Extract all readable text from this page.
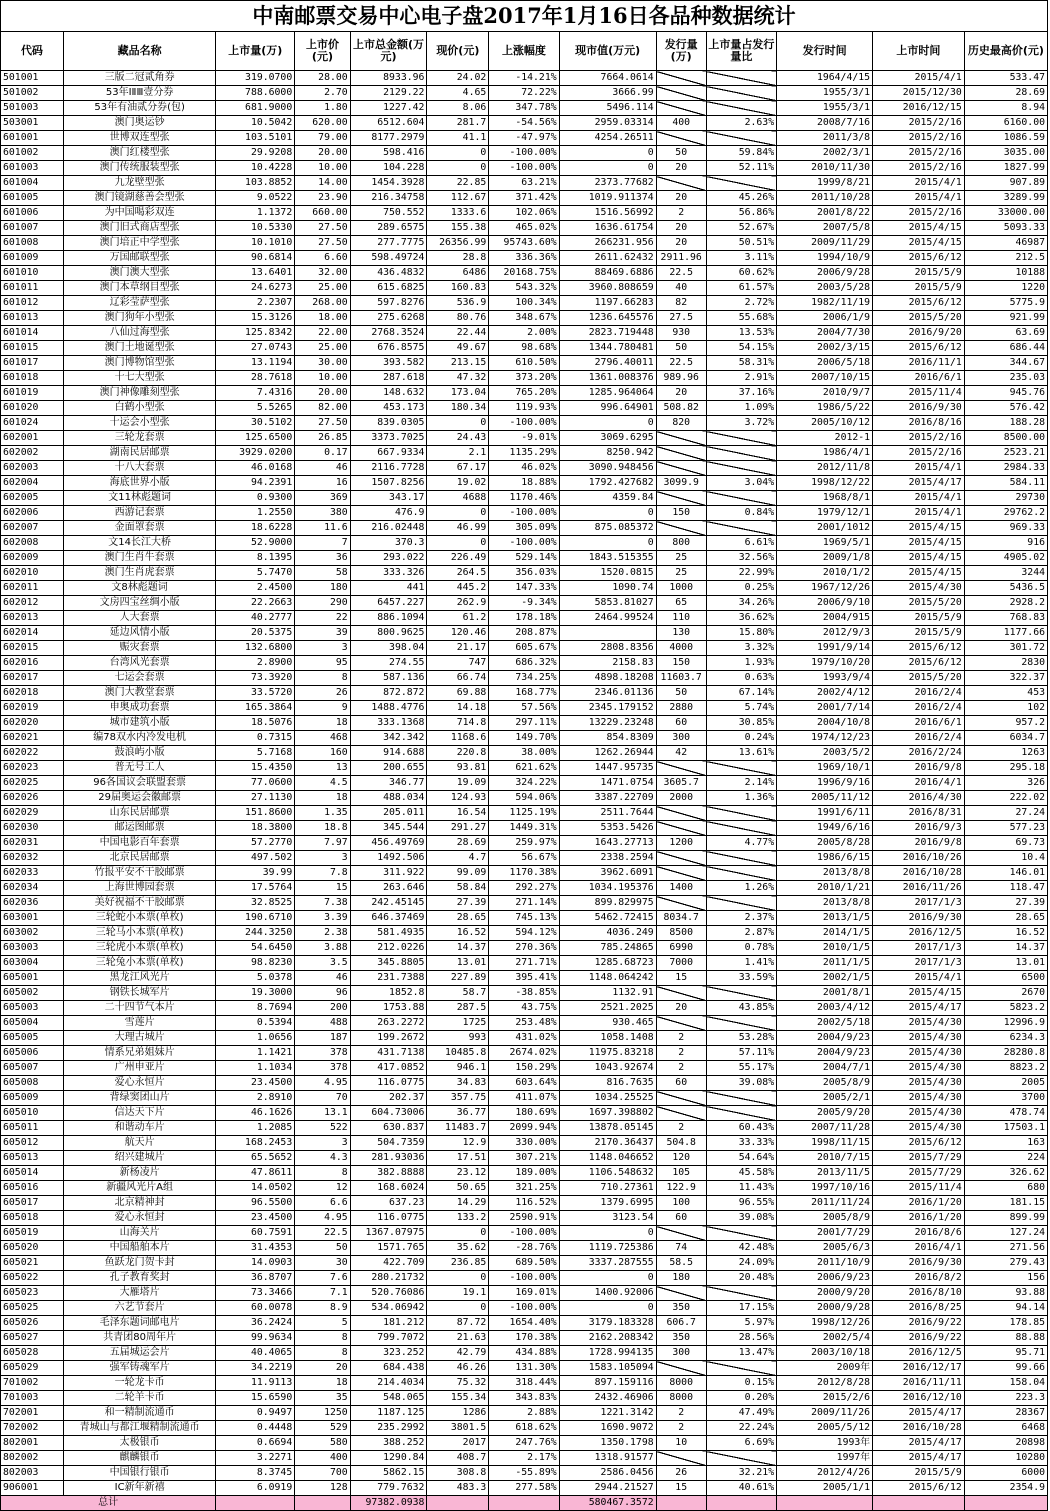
中南邮票交易中心电子盘2017年1月16日各品种数据统计
代码	藏品名称	上市量(万)	上市价(元)	上市总金额(万元)	现价(元)	上涨幅度	现市值(万元)	发行量(万)	上市量占发行量比	发行时间	上市时间	历史最高价(元)
501001	三版二冠贰角券	319.0700	28.00	8933.96	24.02	-14.21%	7664.0614			1964/4/15	2015/4/1	533.47
501002	53年ⅠⅡⅢ壹分券	788.6000	2.70	2129.22	4.65	72.22%	3666.99			1955/3/1	2015/12/30	28.69
501003	53年有油贰分券(包)	681.9000	1.80	1227.42	8.06	347.78%	5496.114			1955/3/1	2016/12/15	8.94
503001	澳门奥运钞	10.5042	620.00	6512.604	281.7	-54.56%	2959.03314	400	2.63%	2008/7/16	2015/2/16	6160.00
601001	世博双连型张	103.5101	79.00	8177.2979	41.1	-47.97%	4254.26511			2011/3/8	2015/2/16	1086.59
601002	澳门红楼型张	29.9208	20.00	598.416	0	-100.00%	0	50	59.84%	2002/3/1	2015/2/16	3035.00
601003	澳门传统服装型张	10.4228	10.00	104.228	0	-100.00%	0	20	52.11%	2010/11/30	2015/2/16	1827.99
601004	九龙壁型张	103.8852	14.00	1454.3928	22.85	63.21%	2373.77682			1999/8/21	2015/4/1	907.89
601005	澳门镜湖慈善会型张	9.0522	23.90	216.34758	112.67	371.42%	1019.911374	20	45.26%	2011/10/28	2015/4/1	3289.99
601006	为中国喝彩双连	1.1372	660.00	750.552	1333.6	102.06%	1516.56992	2	56.86%	2001/8/22	2015/2/16	33000.00
601007	澳门旧式商店型张	10.5330	27.50	289.6575	155.38	465.02%	1636.61754	20	52.67%	2007/5/8	2015/4/15	5093.33
601008	澳门培正中学型张	10.1010	27.50	277.7775	26356.99	95743.60%	266231.956	20	50.51%	2009/11/29	2015/4/15	46987
601009	万国邮联型张	90.6814	6.60	598.49724	28.8	336.36%	2611.62432	2911.96	3.11%	1994/10/9	2015/6/12	212.5
601010	澳门澳大型张	13.6401	32.00	436.4832	6486	20168.75%	88469.6886	22.5	60.62%	2006/9/28	2015/5/9	10188
601011	澳门本草纲目型张	24.6273	25.00	615.6825	160.83	543.32%	3960.808659	40	61.57%	2003/5/28	2015/5/9	1220
601012	辽彩莹萨型张	2.2307	268.00	597.8276	536.9	100.34%	1197.66283	82	2.72%	1982/11/19	2015/6/12	5775.9
601013	澳门狗年小型张	15.3126	18.00	275.6268	80.76	348.67%	1236.645576	27.5	55.68%	2006/1/9	2015/5/20	921.99
601014	八仙过海型张	125.8342	22.00	2768.3524	22.44	2.00%	2823.719448	930	13.53%	2004/7/30	2016/9/20	63.69
601015	澳门土地诞型张	27.0743	25.00	676.8575	49.67	98.68%	1344.780481	50	54.15%	2002/3/15	2015/6/12	686.44
601017	澳门博物馆型张	13.1194	30.00	393.582	213.15	610.50%	2796.40011	22.5	58.31%	2006/5/18	2016/11/1	344.67
601018	十七大型张	28.7618	10.00	287.618	47.32	373.20%	1361.008376	989.96	2.91%	2007/10/15	2016/6/1	235.03
601019	澳门神像雕刻型张	7.4316	20.00	148.632	173.04	765.20%	1285.964064	20	37.16%	2010/9/7	2015/11/4	945.76
601020	白鹤小型张	5.5265	82.00	453.173	180.34	119.93%	996.64901	508.82	1.09%	1986/5/22	2016/9/30	576.42
601024	十运会小型张	30.5102	27.50	839.0305	0	-100.00%	0	820	3.72%	2005/10/12	2016/8/16	188.28
602001	三轮龙套票	125.6500	26.85	3373.7025	24.43	-9.01%	3069.6295			2012-1	2015/2/16	8500.00
602002	湖南民居邮票	3929.0200	0.17	667.9334	2.1	1135.29%	8250.942			1986/4/1	2015/2/16	2523.21
602003	十八大套票	46.0168	46	2116.7728	67.17	46.02%	3090.948456			2012/11/8	2015/4/1	2984.33
602004	海底世界小版	94.2391	16	1507.8256	19.02	18.88%	1792.427682	3099.9	3.04%	1998/12/22	2015/4/17	584.11
602005	文11林彪题词	0.9300	369	343.17	4688	1170.46%	4359.84			1968/8/1	2015/4/1	29730
602006	西游记套票	1.2550	380	476.9	0	-100.00%	0	150	0.84%	1979/12/1	2015/4/1	29762.2
602007	金面罩套票	18.6228	11.6	216.02448	46.99	305.09%	875.085372			2001/1012	2015/4/15	969.33
602008	文14长江大桥	52.9000	7	370.3	0	-100.00%	0	800	6.61%	1969/5/1	2015/4/15	916
602009	澳门生肖牛套票	8.1395	36	293.022	226.49	529.14%	1843.515355	25	32.56%	2009/1/8	2015/4/15	4905.02
602010	澳门生肖虎套票	5.7470	58	333.326	264.5	356.03%	1520.0815	25	22.99%	2010/1/2	2015/4/15	3244
602011	文8林彪题词	2.4500	180	441	445.2	147.33%	1090.74	1000	0.25%	1967/12/26	2015/4/30	5436.5
602012	文房四宝丝绸小版	22.2663	290	6457.227	262.9	-9.34%	5853.81027	65	34.26%	2006/9/10	2015/5/20	2928.2
602013	人大套票	40.2777	22	886.1094	61.2	178.18%	2464.99524	110	36.62%	2004/915	2015/5/9	768.83
602014	延边风情小版	20.5375	39	800.9625	120.46	208.87%		130	15.80%	2012/9/3	2015/5/9	1177.66
602015	赈灾套票	132.6800	3	398.04	21.17	605.67%	2808.8356	4000	3.32%	1991/9/14	2015/6/12	301.72
602016	台湾风光套票	2.8900	95	274.55	747	686.32%	2158.83	150	1.93%	1979/10/20	2015/6/12	2830
602017	七运会套票	73.3920	8	587.136	66.74	734.25%	4898.18208	11603.7	0.63%	1993/9/4	2015/5/20	322.37
602018	澳门大教堂套票	33.5720	26	872.872	69.88	168.77%	2346.01136	50	67.14%	2002/4/12	2016/2/4	453
602019	申奥成功套票	165.3864	9	1488.4776	14.18	57.56%	2345.179152	2880	5.74%	2001/7/14	2016/2/4	102
602020	城市建筑小版	18.5076	18	333.1368	714.8	297.11%	13229.23248	60	30.85%	2004/10/8	2016/6/1	957.2
602021	编78双水内冷发电机	0.7315	468	342.342	1168.6	149.70%	854.8309	300	0.24%	1974/12/23	2016/2/4	6034.7
602022	鼓浪屿小版	5.7168	160	914.688	220.8	38.00%	1262.26944	42	13.61%	2003/5/2	2016/2/24	1263
602023	普无号工人	15.4350	13	200.655	93.81	621.62%	1447.95735			1969/10/1	2016/9/8	295.18
602025	96各国议会联盟套票	77.0600	4.5	346.77	19.09	324.22%	1471.0754	3605.7	2.14%	1996/9/16	2016/4/1	326
602026	29届奥运会徽邮票	27.1130	18	488.034	124.93	594.06%	3387.22709	2000	1.36%	2005/11/12	2016/4/30	222.02
602029	山东民居邮票	151.8600	1.35	205.011	16.54	1125.19%	2511.7644			1991/6/11	2016/8/31	27.24
602030	邮运图邮票	18.3800	18.8	345.544	291.27	1449.31%	5353.5426			1949/6/16	2016/9/3	577.23
602031	中国电影百年套票	57.2770	7.97	456.49769	28.69	259.97%	1643.27713	1200	4.77%	2005/8/28	2016/9/8	69.73
602032	北京民居邮票	497.502	3	1492.506	4.7	56.67%	2338.2594			1986/6/15	2016/10/26	10.4
602033	竹报平安不干胶邮票	39.99	7.8	311.922	99.09	1170.38%	3962.6091			2013/8/8	2016/10/28	146.01
602034	上海世博园套票	17.5764	15	263.646	58.84	292.27%	1034.195376	1400	1.26%	2010/1/21	2016/11/26	118.47
602036	美好祝福不干胶邮票	32.8525	7.38	242.45145	27.39	271.14%	899.829975			2013/8/8	2017/1/3	27.39
603001	三轮蛇小本票(单枚)	190.6710	3.39	646.37469	28.65	745.13%	5462.72415	8034.7	2.37%	2013/1/5	2016/9/30	28.65
603002	三轮马小本票(单枚)	244.3250	2.38	581.4935	16.52	594.12%	4036.249	8500	2.87%	2014/1/5	2016/12/5	16.52
603003	三轮虎小本票(单枚)	54.6450	3.88	212.0226	14.37	270.36%	785.24865	6990	0.78%	2010/1/5	2017/1/3	14.37
603004	三轮兔小本票(单枚)	98.8230	3.5	345.8805	13.01	271.71%	1285.68723	7000	1.41%	2011/1/5	2017/1/3	13.01
605001	黑龙江风光片	5.0378	46	231.7388	227.89	395.41%	1148.064242	15	33.59%	2002/1/5	2015/4/1	6500
605002	钢铁长城军片	19.3000	96	1852.8	58.7	-38.85%	1132.91			2001/8/1	2015/4/15	2670
605003	二十四节气本片	8.7694	200	1753.88	287.5	43.75%	2521.2025	20	43.85%	2003/4/12	2015/4/17	5823.2
605004	雪莲片	0.5394	488	263.2272	1725	253.48%	930.465			2002/5/18	2015/4/30	12996.9
605005	大理古城片	1.0656	187	199.2672	993	431.02%	1058.1408	2	53.28%	2004/9/23	2015/4/30	6234.3
605006	情系兄弟姐妹片	1.1421	378	431.7138	10485.8	2674.02%	11975.83218	2	57.11%	2004/9/23	2015/4/30	28280.8
605007	广州申亚片	1.1034	378	417.0852	946.1	150.29%	1043.92674	2	55.17%	2004/7/1	2015/4/30	8823.2
605008	爱心永恒片	23.4500	4.95	116.0775	34.83	603.64%	816.7635	60	39.08%	2005/8/9	2015/4/30	2005
605009	背绿窦团山片	2.8910	70	202.37	357.75	411.07%	1034.25525			2005/2/1	2015/4/30	3700
605010	信达天下片	46.1626	13.1	604.73006	36.77	180.69%	1697.398802			2005/9/20	2015/4/30	478.74
605011	和谐动车片	1.2085	522	630.837	11483.7	2099.94%	13878.05145	2	60.43%	2007/11/28	2015/4/30	17503.1
605012	航天片	168.2453	3	504.7359	12.9	330.00%	2170.36437	504.8	33.33%	1998/11/15	2015/6/12	163
605013	绍兴建城片	65.5652	4.3	281.93036	17.51	307.21%	1148.046652	120	54.64%	2010/7/15	2015/7/29	224
605014	新杨凌片	47.8611	8	382.8888	23.12	189.00%	1106.548632	105	45.58%	2013/11/5	2015/7/29	326.62
605016	新疆风光片A组	14.0502	12	168.6024	50.65	321.25%	710.27361	122.9	11.43%	1997/10/16	2015/11/4	680
605017	北京精神封	96.5500	6.6	637.23	14.29	116.52%	1379.6995	100	96.55%	2011/11/24	2016/1/20	181.15
605018	爱心永恒封	23.4500	4.95	116.0775	133.2	2590.91%	3123.54	60	39.08%	2005/8/9	2016/1/20	899.99
605019	山海关片	60.7591	22.5	1367.07975	0	-100.00%	0			2001/7/29	2016/8/6	127.24
605020	中国船舶本片	31.4353	50	1571.765	35.62	-28.76%	1119.725386	74	42.48%	2005/6/3	2016/4/1	271.56
605021	鱼跃龙门贺卡封	14.0903	30	422.709	236.85	689.50%	3337.287555	58.5	24.09%	2011/10/9	2016/9/30	279.43
605022	孔子教育奖封	36.8707	7.6	280.21732	0	-100.00%	0	180	20.48%	2006/9/23	2016/8/2	156
605023	大雁塔片	73.3466	7.1	520.76086	19.1	169.01%	1400.92006			2000/9/20	2016/8/10	93.88
605025	六艺节套片	60.0078	8.9	534.06942	0	-100.00%	0	350	17.15%	2000/9/28	2016/8/25	94.14
605026	毛泽东题词邮电片	36.2424	5	181.212	87.72	1654.40%	3179.183328	606.7	5.97%	1998/12/26	2016/9/22	178.85
605027	共青团80周年片	99.9634	8	799.7072	21.63	170.38%	2162.208342	350	28.56%	2002/5/4	2016/9/22	88.88
605028	五届城运会片	40.4065	8	323.252	42.79	434.88%	1728.994135	300	13.47%	2003/10/18	2016/12/5	95.71
605029	强军铸魂军片	34.2219	20	684.438	46.26	131.30%	1583.105094			2009年	2016/12/17	99.66
701002	一轮龙卡币	11.9113	18	214.4034	75.32	318.44%	897.159116	8000	0.15%	2012/8/28	2016/11/11	158.04
701003	二轮羊卡币	15.6590	35	548.065	155.34	343.83%	2432.46906	8000	0.20%	2015/2/6	2016/12/10	223.3
702001	和一精制流通币	0.9497	1250	1187.125	1286	2.88%	1221.3142	2	47.49%	2009/11/26	2015/4/17	28367
702002	青城山与都江堰精制流通币	0.4448	529	235.2992	3801.5	618.62%	1690.9072	2	22.24%	2005/5/12	2016/10/28	6468
802001	太极银币	0.6694	580	388.252	2017	247.76%	1350.1798	10	6.69%	1993年	2015/4/17	20898
802002	麒麟银币	3.2271	400	1290.84	408.7	2.17%	1318.91577			1997年	2015/4/17	10280
802003	中国银行银币	8.3745	700	5862.15	308.8	-55.89%	2586.0456	26	32.21%	2012/4/26	2015/5/9	6000
906001	IC新年新禧	6.0919	128	779.7632	483.3	277.58%	2944.21527	15	40.61%	2005/1/1	2015/6/12	2354.9
总计				97382.0938			580467.3572					
